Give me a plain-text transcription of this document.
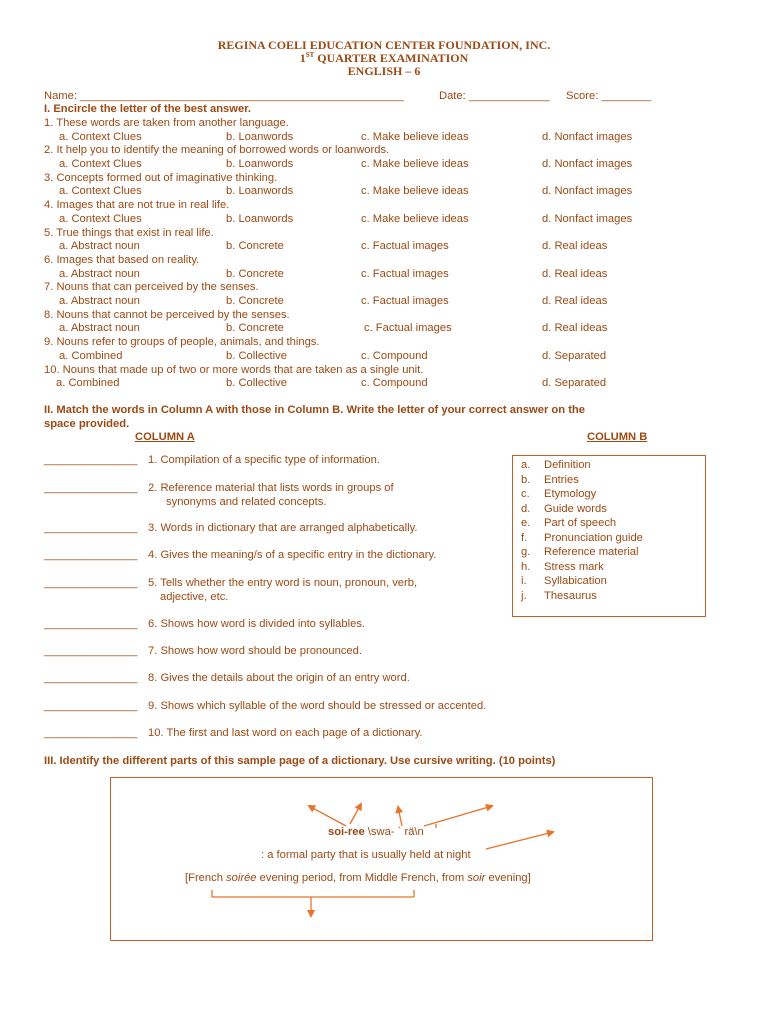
REGINA COELI EDUCATION CENTER FOUNDATION, INC.
1ST QUARTER EXAMINATION
ENGLISH – 6
Name: ____________________________________________________	Date: _____________ Score: ________
I. Encircle the letter of the best answer.
1. These words are taken from another language.
a. Context Clues	b. Loanwords	c. Make believe ideas	d. Nonfact images
2. It help you to identify the meaning of borrowed words or loanwords.
a. Context Clues	b. Loanwords	c. Make believe ideas	d. Nonfact images
3. Concepts formed out of imaginative thinking.
a. Context Clues	b. Loanwords	c. Make believe ideas	d. Nonfact images
4. Images that are not true in real life.
a. Context Clues	b. Loanwords	c. Make believe ideas	d. Nonfact images
5. True things that exist in real life.
a. Abstract noun	b. Concrete	c. Factual images	d. Real ideas
6. Images that based on reality.
a. Abstract noun	b. Concrete	c. Factual images	d. Real ideas
7. Nouns that can perceived by the senses.
a. Abstract noun	b. Concrete	c. Factual images	d. Real ideas
8. Nouns that cannot be perceived by the senses.
a. Abstract noun	b. Concrete	c. Factual images	d. Real ideas
9. Nouns refer to groups of people, animals, and things.
a. Combined	b. Collective	c. Compound	d. Separated
10. Nouns that made up of two or more words that are taken as a single unit.
a. Combined	b. Collective	c. Compound	d. Separated
II. Match the words in Column A with those in Column B. Write the letter of your correct answer on the
space provided.
COLUMN A	COLUMN B
_______________ 1. Compilation of a specific type of information.
_______________ 2. Reference material that lists words in groups of
synonyms and related concepts.
_______________ 3. Words in dictionary that are arranged alphabetically.
_______________ 4. Gives the meaning/s of a specific entry in the dictionary.
_______________ 5. Tells whether the entry word is noun, pronoun, verb,
adjective, etc.
_______________ 6. Shows how word is divided into syllables.
_______________ 7. Shows how word should be pronounced.
_______________ 8. Gives the details about the origin of an entry word.
_______________ 9. Shows which syllable of the word should be stressed or accented.
_______________ 10. The first and last word on each page of a dictionary.
a. Definition
b. Entries
c. Etymology
d. Guide words
e. Part of speech
f. Pronunciation guide
g. Reference material
h. Stress mark
i. Syllabication
j. Thesaurus
III. Identify the different parts of this sample page of a dictionary. Use cursive writing. (10 points)
soi-ree \swa- ` rä\n
: a formal party that is usually held at night
[French soirée evening period, from Middle French, from soir evening]
